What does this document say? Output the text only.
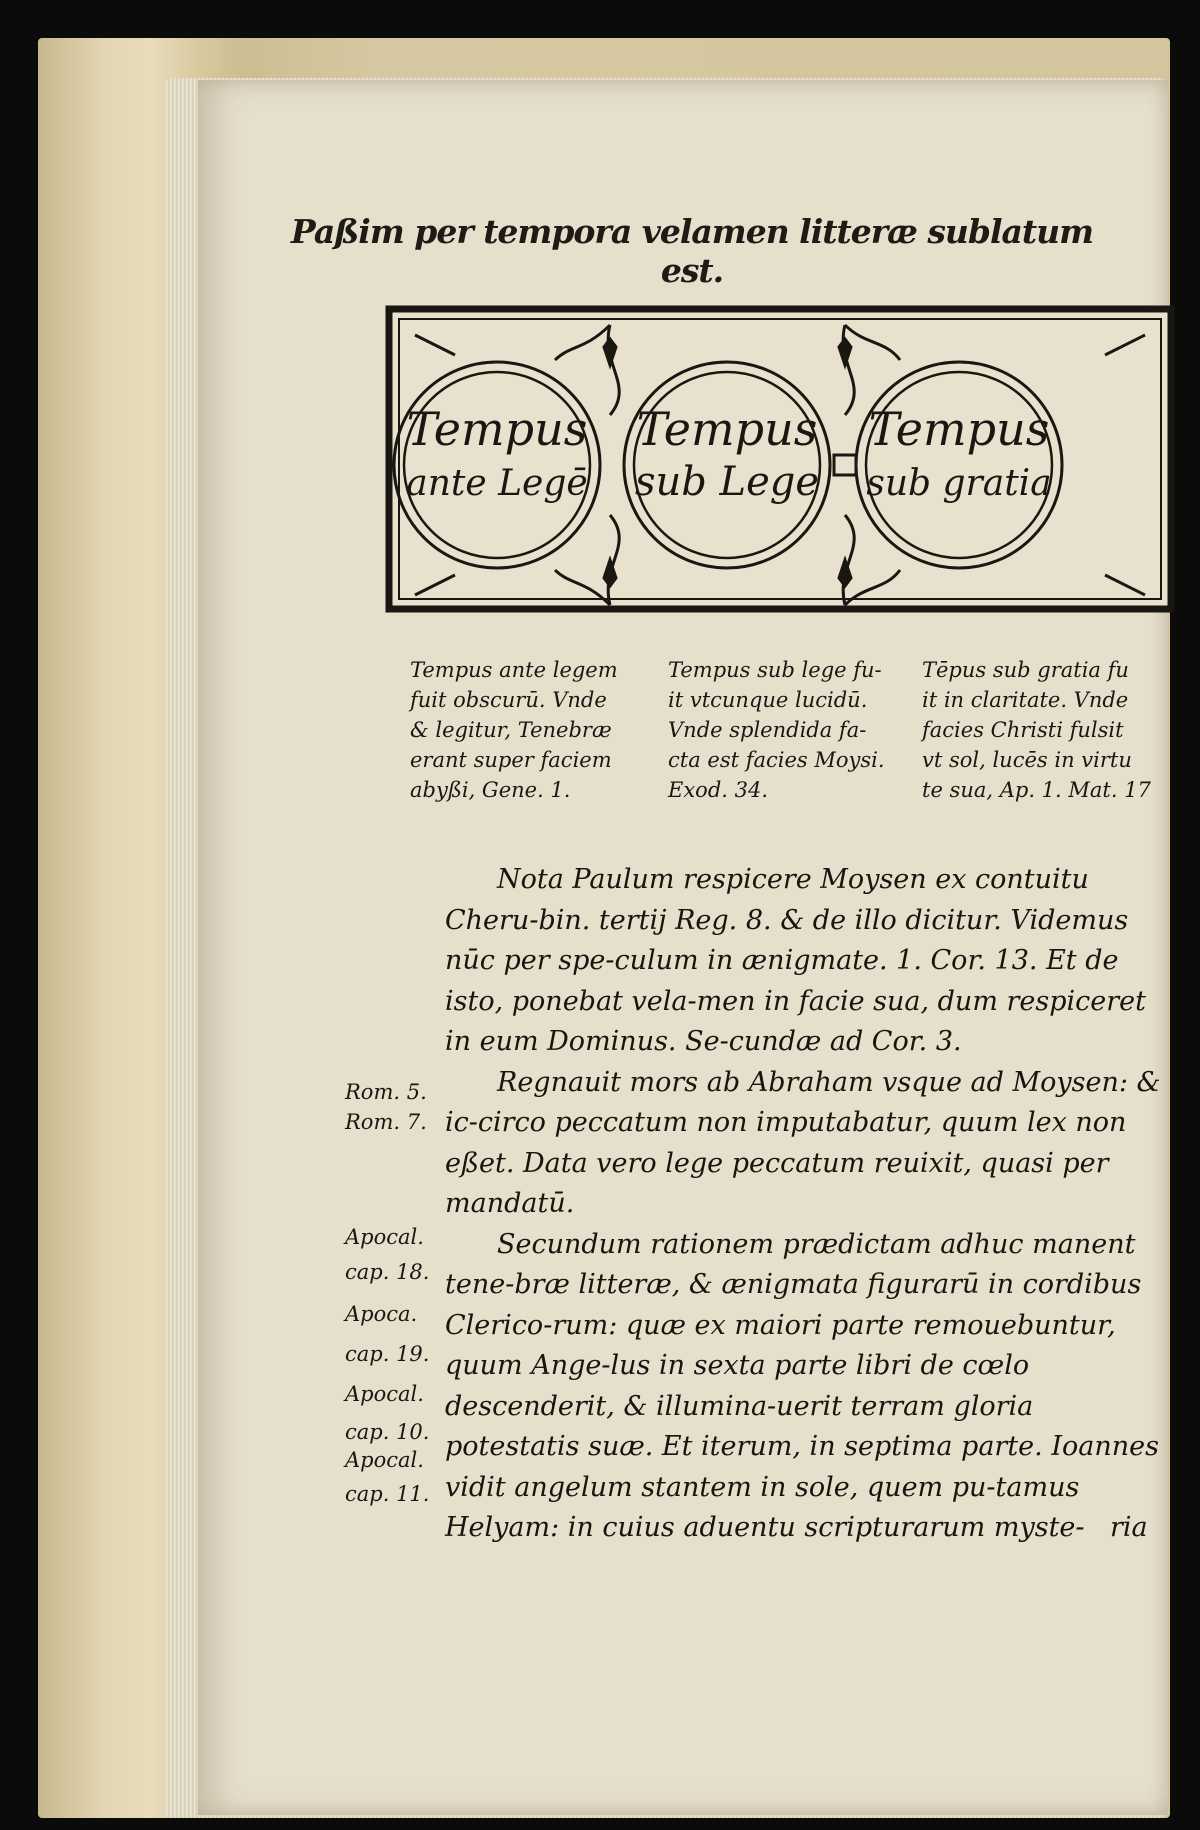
Paßim per tempora velamen litteræ sublatum est.
Tempus
ante Legē
Tempus
sub Lege
Tempus
sub gratia
Tempus ante legem
fuit obscurū. Vnde
& legitur, Tenebræ
erant super faciem
abyßi, Gene. 1.
Tempus sub lege fu-
it vtcunque lucidū.
Vnde splendida fa-
cta est facies Moysi.
Exod. 34.
Tēpus sub gratia fu
it in claritate. Vnde
facies Christi fulsit
vt sol, lucēs in virtu
te sua, Ap. 1. Mat. 17

Nota Paulum respicere Moysen ex contuitu Cheru-bin. tertij Reg. 8. & de illo dicitur. Videmus nūc per spe-culum in ænigmate. 1. Cor. 13. Et de isto, ponebat vela-men in facie sua, dum respiceret in eum Dominus. Se-cundæ ad Cor. 3.

Regnauit mors ab Abraham vsque ad Moysen: & ic-circo peccatum non imputabatur, quum lex non eßet. Data vero lege peccatum reuixit, quasi per mandatū.

Secundum rationem prædictam adhuc manent tene-bræ litteræ, & ænigmata figurarū in cordibus Clerico-rum: quæ ex maiori parte remouebuntur, quum Ange-lus in sexta parte libri de cœlo descenderit, & illumina-uerit terram gloria potestatis suæ. Et iterum, in septima parte. Ioannes vidit angelum stantem in sole, quem pu-tamus Helyam: in cuius aduentu scripturarum myste-

Rom. 5.
Rom. 7.
Apocal.
cap. 18.
Apoca.
cap. 19.
Apocal.
cap. 10.
Apocal.
cap. 11.
ria
